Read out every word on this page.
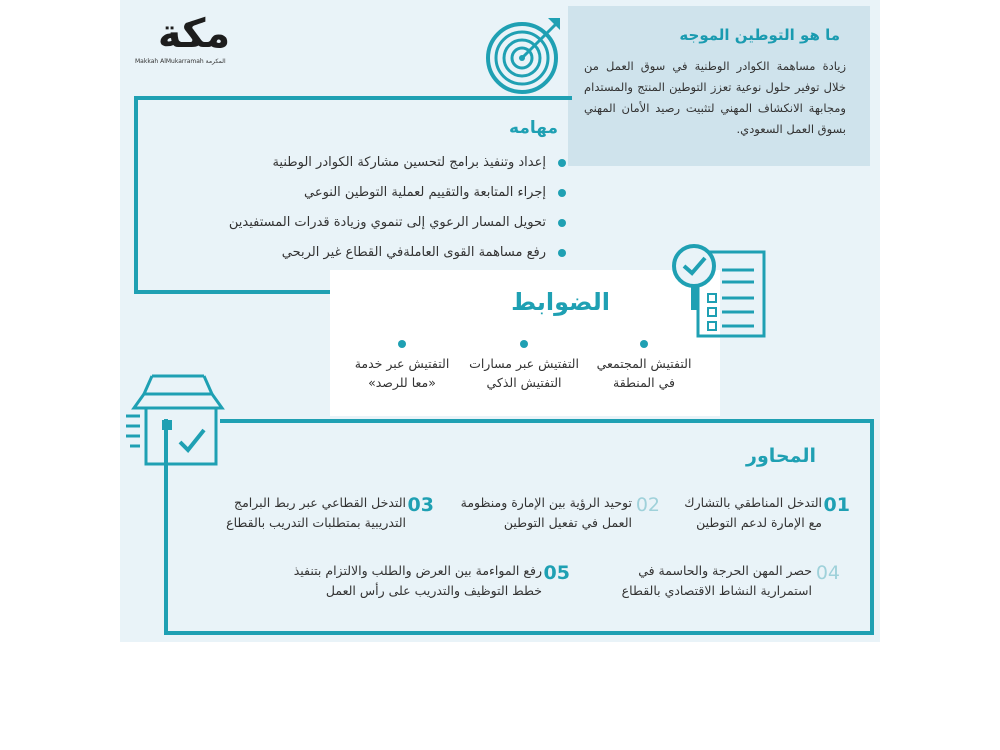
مكة
Makkah AlMukarramah المكرمة
ما هو التوطين الموجه
زيادة مساهمة الكوادر الوطنية في سوق العمل من خلال توفير حلول نوعية تعزز التوطين المنتج والمستدام ومجابهة الانكشاف المهني لتثبيت رصيد الأمان المهني بسوق العمل السعودي.
مهامه
إعداد وتنفيذ برامج لتحسين مشاركة الكوادر الوطنية
إجراء المتابعة والتقييم لعملية التوطين النوعي
تحويل المسار الرعوي إلى تنموي وزيادة قدرات المستفيدين
رفع مساهمة القوى العاملةفي القطاع غير الربحي
الضوابط
التفتيش المجتمعي
في المنطقة
التفتيش عبر مسارات
التفتيش الذكي
التفتيش عبر خدمة
«معا للرصد»
المحاور
01
التدخل المناطقي بالتشارك
مع الإمارة لدعم التوطين
02
توحيد الرؤية بين الإمارة ومنظومة
العمل في تفعيل التوطين
03
التدخل القطاعي عبر ربط البرامج
التدريبية بمتطلبات التدريب بالقطاع
04
حصر المهن الحرجة والحاسمة في
استمرارية النشاط الاقتصادي بالقطاع
05
رفع المواءمة بين العرض والطلب والالتزام بتنفيذ
خطط التوظيف والتدريب على رأس العمل
